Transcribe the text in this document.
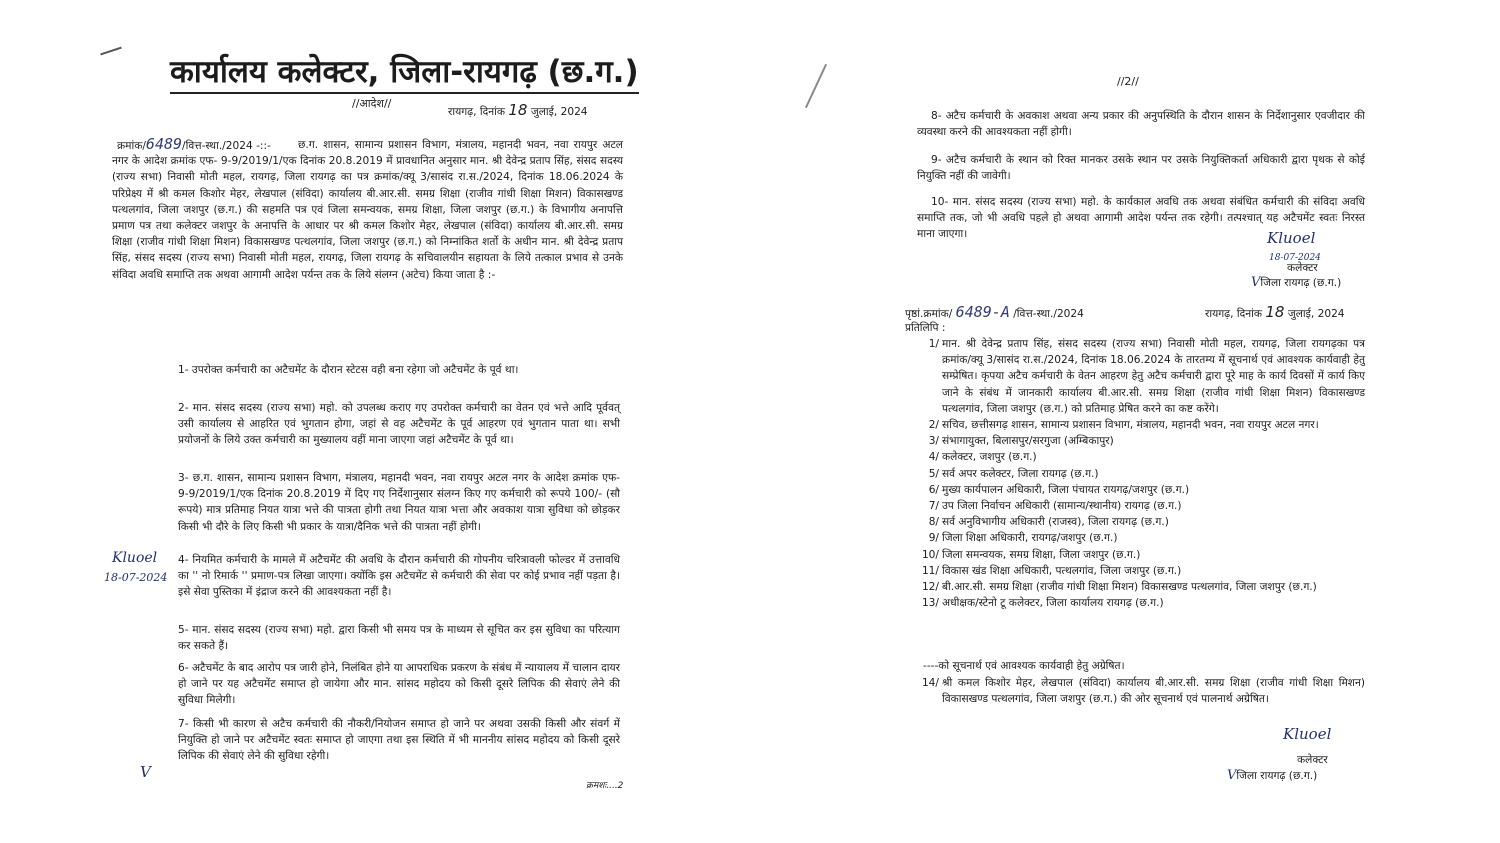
कार्यालय कलेक्टर, जिला-रायगढ़ (छ.ग.)
//आदेश//
रायगढ़, दिनांक 18 जुलाई, 2024
क्रमांक/6489/वित्त-स्था./2024 -::-	छ.ग. शासन, सामान्य प्रशासन विभाग, मंत्रालय, महानदी भवन, नवा रायपुर अटल नगर के आदेश क्रमांक एफ- 9-9/2019/1/एक दिनांक 20.8.2019 में प्रावधानित अनुसार मान. श्री देवेन्द्र प्रताप सिंह, संसद सदस्य (राज्य सभा) निवासी मोती महल, रायगढ़, जिला रायगढ़ का पत्र क्रमांक/क्यू 3/सासंद रा.स./2024, दिनांक 18.06.2024 के परिप्रेक्ष्य में श्री कमल किशोर मेहर, लेखपाल (संविदा) कार्यालय बी.आर.सी. समग्र शिक्षा (राजीव गांधी शिक्षा मिशन) विकासखण्ड पत्थलगांव, जिला जशपुर (छ.ग.) की सहमति पत्र एवं जिला समन्वयक, समग्र शिक्षा, जिला जशपुर (छ.ग.) के विभागीय अनापत्ति प्रमाण पत्र तथा कलेक्टर जशपुर के अनापत्ति के आधार पर श्री कमल किशोर मेहर, लेखपाल (संविदा) कार्यालय बी.आर.सी. समग्र शिक्षा (राजीव गांधी शिक्षा मिशन) विकासखण्ड पत्थलगांव, जिला जशपुर (छ.ग.) को निम्नांकित शर्तो के अधीन मान. श्री देवेन्द्र प्रताप सिंह, संसद सदस्य (राज्य सभा) निवासी मोती महल, रायगढ़, जिला रायगढ़ के सचिवालयीन सहायता के लिये तत्काल प्रभाव से उनके संविदा अवधि समाप्ति तक अथवा आगामी आदेश पर्यन्त तक के लिये संलग्न (अटेच) किया जाता है :-
1- उपरोक्त कर्मचारी का अटैचमेंट के दौरान स्टेटस वही बना रहेगा जो अटैचमेंट के पूर्व था।
2- मान. संसद सदस्य (राज्य सभा) महो. को उपलब्ध कराए गए उपरोक्त कर्मचारी का वेतन एवं भत्ते आदि पूर्ववत् उसी कार्यालय से आहरित एवं भुगतान होगा, जहां से वह अटैचमेंट के पूर्व आहरण एवं भुगतान पाता था। सभी प्रयोजनों के लिये उक्त कर्मचारी का मुख्यालय वहीं माना जाएगा जहां अटैचमेंट के पूर्व था।
3- छ.ग. शासन, सामान्य प्रशासन विभाग, मंत्रालय, महानदी भवन, नवा रायपुर अटल नगर के आदेश क्रमांक एफ- 9-9/2019/1/एक दिनांक 20.8.2019 में दिए गए निर्देशानुसार संलग्न किए गए कर्मचारी को रूपये 100/- (सौ रूपये) मात्र प्रतिमाह नियत यात्रा भत्ते की पात्रता होगी तथा नियत यात्रा भत्ता और अवकाश यात्रा सुविधा को छोड़कर किसी भी दौरे के लिए किसी भी प्रकार के यात्रा/दैनिक भत्ते की पात्रता नहीं होगी।
4- नियमित कर्मचारी के मामले में अटैचमेंट की अवधि के दौरान कर्मचारी की गोपनीय चरित्रावली फोल्डर में उत्तावधि का '' नो रिमार्क '' प्रमाण-पत्र लिखा जाएगा। क्योंकि इस अटैचमेंट से कर्मचारी की सेवा पर कोई प्रभाव नहीं पड़ता है। इसे सेवा पुस्तिका में इंद्राज करने की आवश्यकता नहीं है।
5- मान. संसद सदस्य (राज्य सभा) महो. द्वारा किसी भी समय पत्र के माध्यम से सूचित कर इस सुविधा का परित्याग कर सकते हैं।
6- अटैचमेंट के बाद आरोप पत्र जारी होने, निलंबित होने या आपराधिक प्रकरण के संबंध में न्यायालय में चालान दायर हो जाने पर यह अटैचमेंट समाप्त हो जायेगा और मान. सांसद महोदय को किसी दूसरे लिपिक की सेवाएं लेने की सुविधा मिलेगी।
7- किसी भी कारण से अटैच कर्मचारी की नौकरी/नियोजन समाप्त हो जाने पर अथवा उसकी किसी और संवर्ग में नियुक्ति हो जाने पर अटैचमेंट स्वतः समाप्त हो जाएगा तथा इस स्थिति में भी माननीय सांसद महोदय को किसी दूसरे लिपिक की सेवाएं लेने की सुविधा रहेगी।
Kluoel
18-07-2024
V
क्रमशः....2
//2//
8- अटैच कर्मचारी के अवकाश अथवा अन्य प्रकार की अनुपस्थिति के दौरान शासन के निर्देशानुसार एवजीदार की व्यवस्था करने की आवश्यकता नहीं होगी।
9- अटैच कर्मचारी के स्थान को रिक्त मानकर उसके स्थान पर उसके नियुक्तिकर्ता अधिकारी द्वारा पृथक से कोई नियुक्ति नहीं की जावेगी।
10- मान. संसद सदस्य (राज्य सभा) महो. के कार्यकाल अवधि तक अथवा संबंधित कर्मचारी की संविदा अवधि समाप्ति तक, जो भी अवधि पहले हो अथवा आगामी आदेश पर्यन्त तक रहेगी। तत्पश्चात् यह अटैचमेंट स्वतः निरस्त माना जाएगा।	Kluoel
18-07-2024
कलेक्टर
Vजिला रायगढ़ (छ.ग.)
पृष्ठां.क्रमांक/ 6489-A /वित्त-स्था./2024	रायगढ़, दिनांक 18 जुलाई, 2024
प्रतिलिपि :
1/ मान. श्री देवेन्द्र प्रताप सिंह, संसद सदस्य (राज्य सभा) निवासी मोती महल, रायगढ़, जिला रायगढ़का पत्र क्रमांक/क्यू 3/सासंद रा.स./2024, दिनांक 18.06.2024 के तारतम्य में सूचनार्थ एवं आवश्यक कार्यवाही हेतु सम्प्रेषित। कृपया अटैच कर्मचारी के वेतन आहरण हेतु अटैच कर्मचारी द्वारा पूरे माह के कार्य दिवसों में कार्य किए जाने के संबंध में जानकारी कार्यालय बी.आर.सी. समग्र शिक्षा (राजीव गांधी शिक्षा मिशन) विकासखण्ड पत्थलगांव, जिला जशपुर (छ.ग.) को प्रतिमाह प्रेषित करने का कष्ट करेंगे।
2/ सचिव, छत्तीसगढ़ शासन, सामान्य प्रशासन विभाग, मंत्रालय, महानदी भवन, नवा रायपुर अटल नगर।
3/ संभागायुक्त, बिलासपुर/सरगुजा (अम्बिकापुर)
4/ कलेक्टर, जशपुर (छ.ग.)
5/ सर्व अपर कलेक्टर, जिला रायगढ़ (छ.ग.)
6/ मुख्य कार्यपालन अधिकारी, जिला पंचायत रायगढ़/जशपुर (छ.ग.)
7/ उप जिला निर्वाचन अधिकारी (सामान्य/स्थानीय) रायगढ़ (छ.ग.)
8/ सर्व अनुविभागीय अधिकारी (राजस्व), जिला रायगढ़ (छ.ग.)
9/ जिला शिक्षा अधिकारी, रायगढ़/जशपुर (छ.ग.)
10/ जिला समन्वयक, समग्र शिक्षा, जिला जशपुर (छ.ग.)
11/ विकास खंड शिक्षा अधिकारी, पत्थलगांव, जिला जशपुर (छ.ग.)
12/ बी.आर.सी. समग्र शिक्षा (राजीव गांधी शिक्षा मिशन) विकासखण्ड पत्थलगांव, जिला जशपुर (छ.ग.)
13/ अधीक्षक/स्टेनो टू कलेक्टर, जिला कार्यालय रायगढ़ (छ.ग.)
----को सूचनार्थ एवं आवश्यक कार्यवाही हेतु अग्रेषित।
14/ श्री कमल किशोर मेहर, लेखपाल (संविदा) कार्यालय बी.आर.सी. समग्र शिक्षा (राजीव गांधी शिक्षा मिशन) विकासखण्ड पत्थलगांव, जिला जशपुर (छ.ग.) की ओर सूचनार्थ एवं पालनार्थ अग्रेषित।
Kluoel
कलेक्टर
Vजिला रायगढ़ (छ.ग.)
